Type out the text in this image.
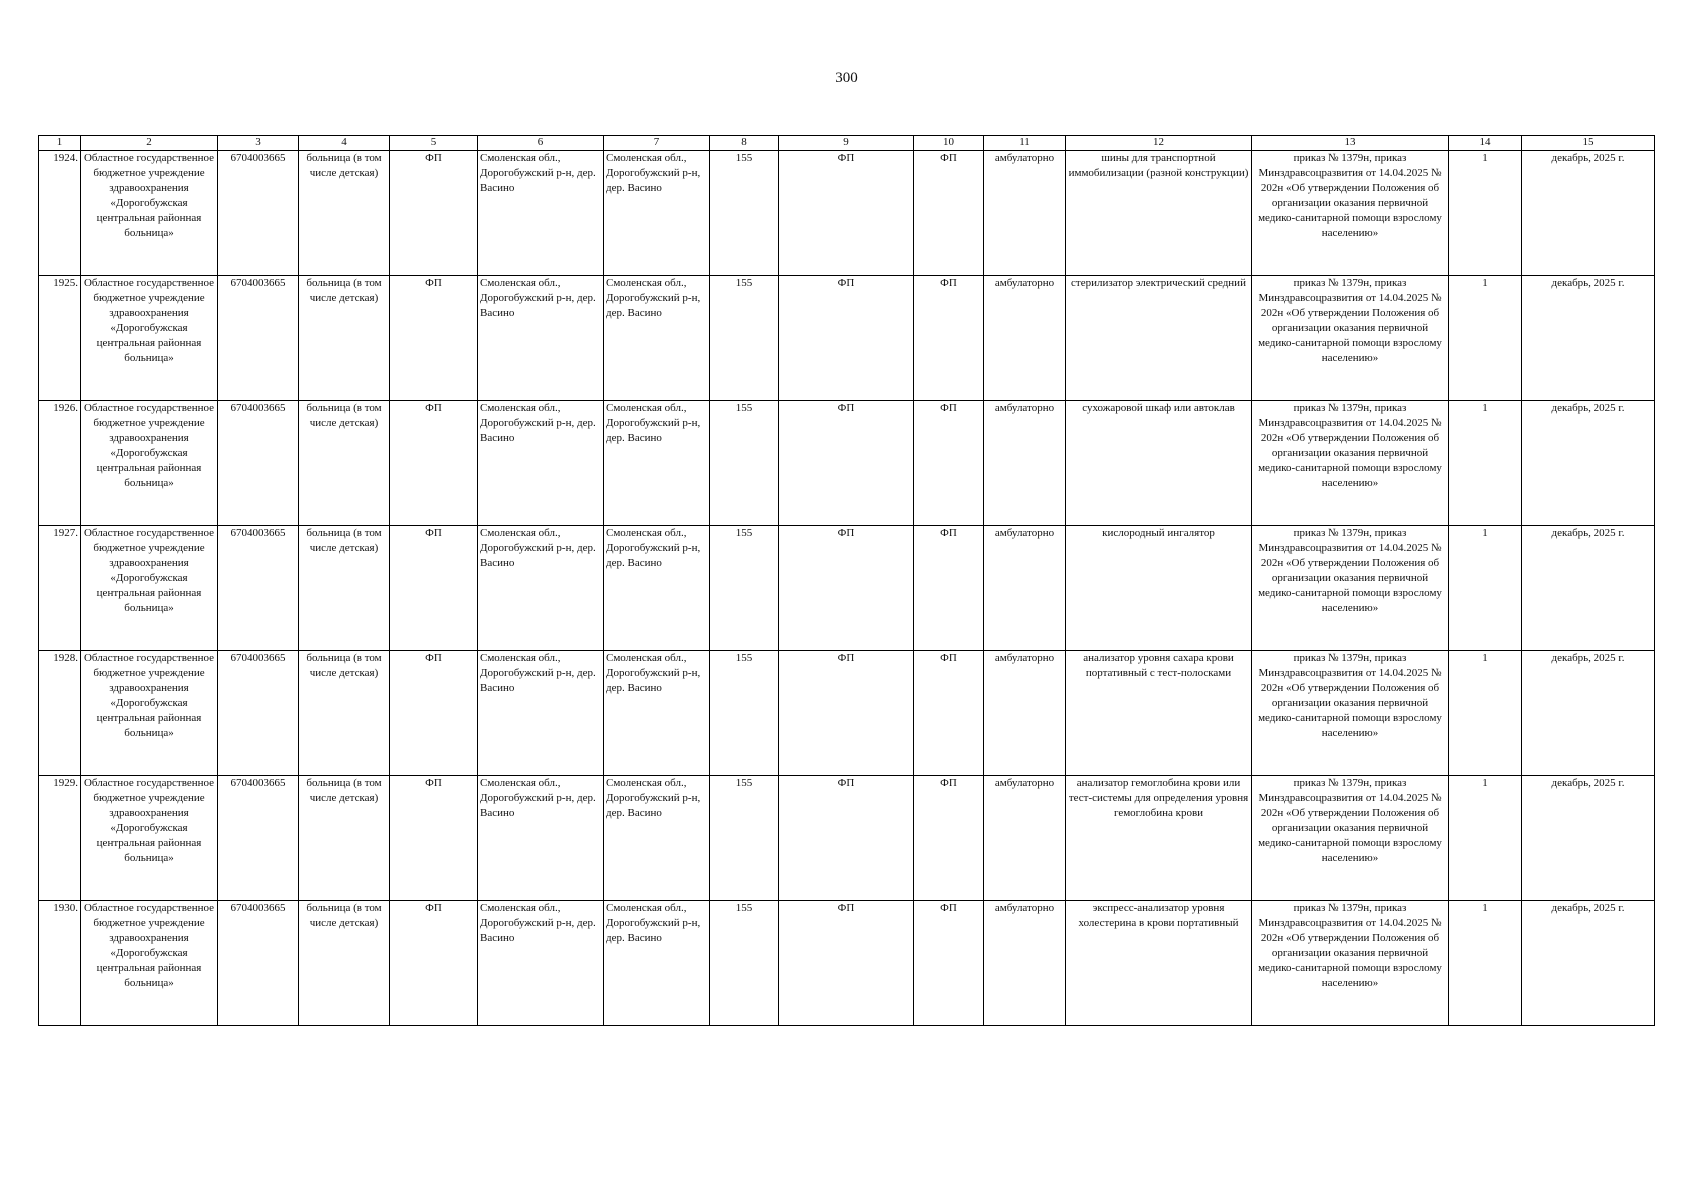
300
1	2	3	4	5	6	7	8	9	10	11	12	13	14	15
1924.	Областное государственное бюджетное учреждение здравоохранения «Дорогобужская центральная районная больница»	6704003665	больница (в том числе детская)	ФП	Смоленская обл., Дорогобужский р-н, дер. Васино	Смоленская обл., Дорогобужский р-н, дер. Васино	155	ФП	ФП	амбулаторно	шины для транспортной иммобилизации (разной конструкции)	приказ № 1379н, приказ Минздравсоцразвития от 14.04.2025 № 202н «Об утверждении Положения об организации оказания первичной медико-санитарной помощи взрослому населению»	1	декабрь, 2025 г.
1925.	Областное государственное бюджетное учреждение здравоохранения «Дорогобужская центральная районная больница»	6704003665	больница (в том числе детская)	ФП	Смоленская обл., Дорогобужский р-н, дер. Васино	Смоленская обл., Дорогобужский р-н, дер. Васино	155	ФП	ФП	амбулаторно	стерилизатор электрический средний	приказ № 1379н, приказ Минздравсоцразвития от 14.04.2025 № 202н «Об утверждении Положения об организации оказания первичной медико-санитарной помощи взрослому населению»	1	декабрь, 2025 г.
1926.	Областное государственное бюджетное учреждение здравоохранения «Дорогобужская центральная районная больница»	6704003665	больница (в том числе детская)	ФП	Смоленская обл., Дорогобужский р-н, дер. Васино	Смоленская обл., Дорогобужский р-н, дер. Васино	155	ФП	ФП	амбулаторно	сухожаровой шкаф или автоклав	приказ № 1379н, приказ Минздравсоцразвития от 14.04.2025 № 202н «Об утверждении Положения об организации оказания первичной медико-санитарной помощи взрослому населению»	1	декабрь, 2025 г.
1927.	Областное государственное бюджетное учреждение здравоохранения «Дорогобужская центральная районная больница»	6704003665	больница (в том числе детская)	ФП	Смоленская обл., Дорогобужский р-н, дер. Васино	Смоленская обл., Дорогобужский р-н, дер. Васино	155	ФП	ФП	амбулаторно	кислородный ингалятор	приказ № 1379н, приказ Минздравсоцразвития от 14.04.2025 № 202н «Об утверждении Положения об организации оказания первичной медико-санитарной помощи взрослому населению»	1	декабрь, 2025 г.
1928.	Областное государственное бюджетное учреждение здравоохранения «Дорогобужская центральная районная больница»	6704003665	больница (в том числе детская)	ФП	Смоленская обл., Дорогобужский р-н, дер. Васино	Смоленская обл., Дорогобужский р-н, дер. Васино	155	ФП	ФП	амбулаторно	анализатор уровня сахара крови портативный с тест-полосками	приказ № 1379н, приказ Минздравсоцразвития от 14.04.2025 № 202н «Об утверждении Положения об организации оказания первичной медико-санитарной помощи взрослому населению»	1	декабрь, 2025 г.
1929.	Областное государственное бюджетное учреждение здравоохранения «Дорогобужская центральная районная больница»	6704003665	больница (в том числе детская)	ФП	Смоленская обл., Дорогобужский р-н, дер. Васино	Смоленская обл., Дорогобужский р-н, дер. Васино	155	ФП	ФП	амбулаторно	анализатор гемоглобина крови или тест-системы для определения уровня гемоглобина крови	приказ № 1379н, приказ Минздравсоцразвития от 14.04.2025 № 202н «Об утверждении Положения об организации оказания первичной медико-санитарной помощи взрослому населению»	1	декабрь, 2025 г.
1930.	Областное государственное бюджетное учреждение здравоохранения «Дорогобужская центральная районная больница»	6704003665	больница (в том числе детская)	ФП	Смоленская обл., Дорогобужский р-н, дер. Васино	Смоленская обл., Дорогобужский р-н, дер. Васино	155	ФП	ФП	амбулаторно	экспресс-анализатор уровня холестерина в крови портативный	приказ № 1379н, приказ Минздравсоцразвития от 14.04.2025 № 202н «Об утверждении Положения об организации оказания первичной медико-санитарной помощи взрослому населению»	1	декабрь, 2025 г.
